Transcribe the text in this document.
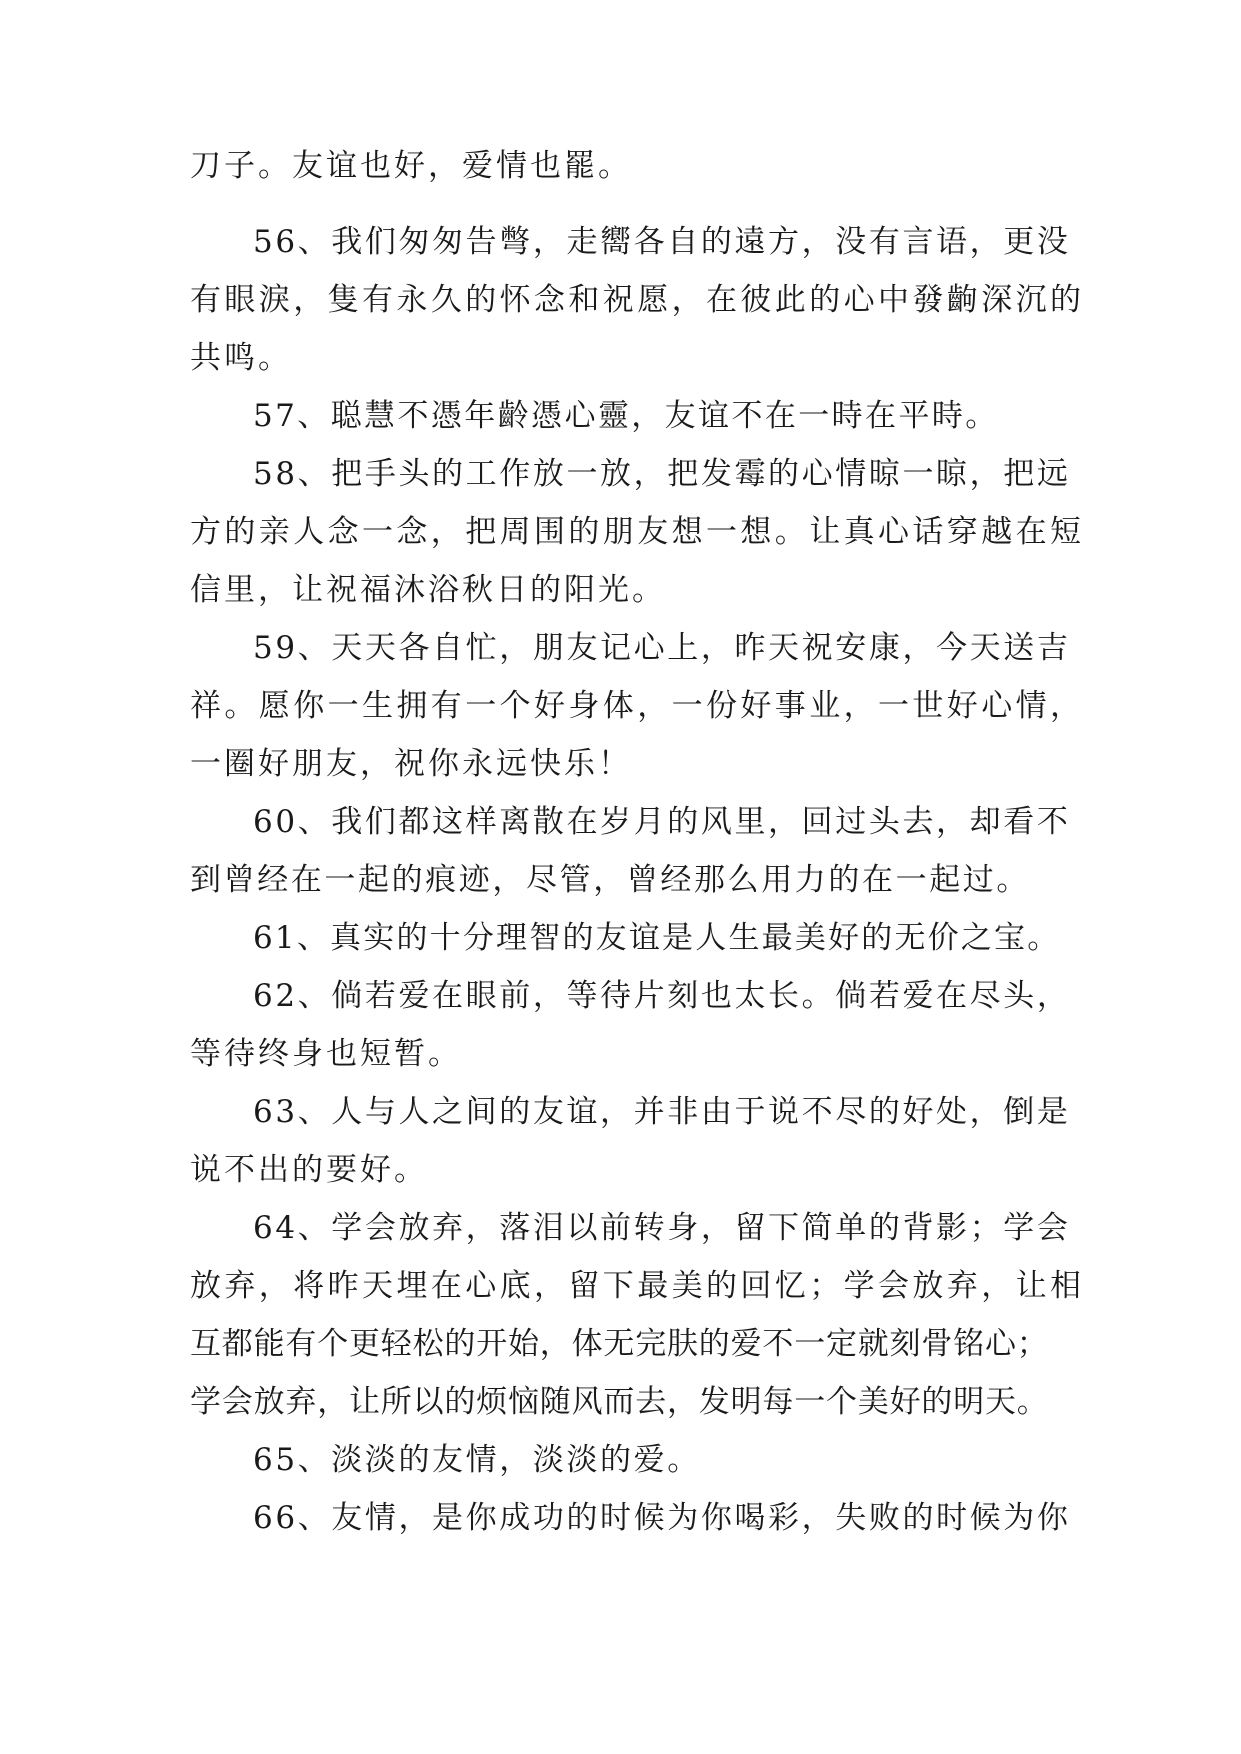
刀子。友谊也好，爱情也罷。
56、我们匆匆告彆，走嚮各自的遠方，没有言语，更没
有眼淚，隻有永久的怀念和祝愿，在彼此的心中發齣深沉的
共鸣。
57、聪慧不憑年齡憑心靈，友谊不在一時在平時。
58、把手头的工作放一放，把发霉的心情晾一晾，把远
方的亲人念一念，把周围的朋友想一想。让真心话穿越在短
信里，让祝福沐浴秋日的阳光。
59、天天各自忙，朋友记心上，昨天祝安康，今天送吉
祥。愿你一生拥有一个好身体，一份好事业，一世好心情，
一圈好朋友，祝你永远快乐！
60、我们都这样离散在岁月的风里，回过头去，却看不
到曾经在一起的痕迹，尽管，曾经那么用力的在一起过。
61、真实的十分理智的友谊是人生最美好的无价之宝。
62、倘若爱在眼前，等待片刻也太长。倘若爱在尽头，
等待终身也短暂。
63、人与人之间的友谊，并非由于说不尽的好处，倒是
说不出的要好。
64、学会放弃，落泪以前转身，留下简单的背影；学会
放弃，将昨天埋在心底，留下最美的回忆；学会放弃，让相
互都能有个更轻松的开始，体无完肤的爱不一定就刻骨铭心；
学会放弃，让所以的烦恼随风而去，发明每一个美好的明天。
65、淡淡的友情，淡淡的爱。
66、友情，是你成功的时候为你喝彩，失败的时候为你
